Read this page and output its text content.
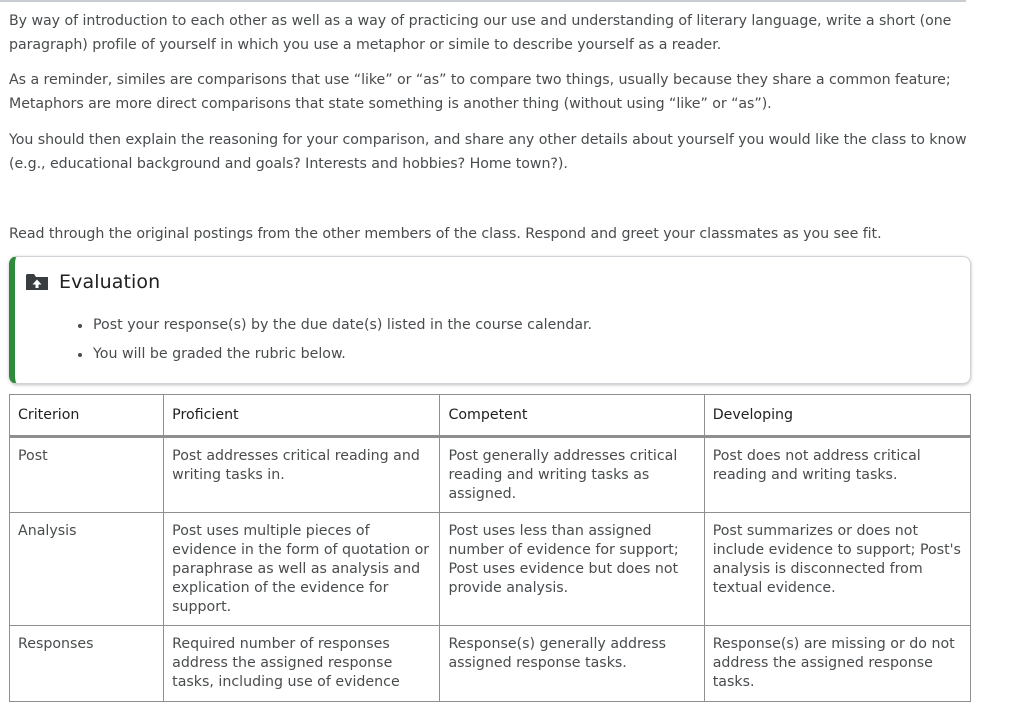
By way of introduction to each other as well as a way of practicing our use and understanding of literary language, write a short (one paragraph) profile of yourself in which you use a metaphor or simile to describe yourself as a reader.

As a reminder, similes are comparisons that use “like” or “as” to compare two things, usually because they share a common feature; Metaphors are more direct comparisons that state something is another thing (without using “like” or “as”).

You should then explain the reasoning for your comparison, and share any other details about yourself you would like the class to know (e.g., educational background and goals? Interests and hobbies? Home town?).

Read through the original postings from the other members of the class. Respond and greet your classmates as you see fit.

Evaluation
Post your response(s) by the due date(s) listed in the course calendar.
You will be graded the rubric below.
Criterion	Proficient	Competent	Developing
Post	Post addresses critical reading and writing tasks in.	Post generally addresses critical reading and writing tasks as assigned.	Post does not address critical reading and writing tasks.
Analysis	Post uses multiple pieces of evidence in the form of quotation or paraphrase as well as analysis and explication of the evidence for support.	Post uses less than assigned number of evidence for support; Post uses evidence but does not provide analysis.	Post summarizes or does not include evidence to support; Post's analysis is disconnected from textual evidence.
Responses	Required number of responses address the assigned response tasks, including use of evidence	Response(s) generally address assigned response tasks.	Response(s) are missing or do not address the assigned response tasks.
